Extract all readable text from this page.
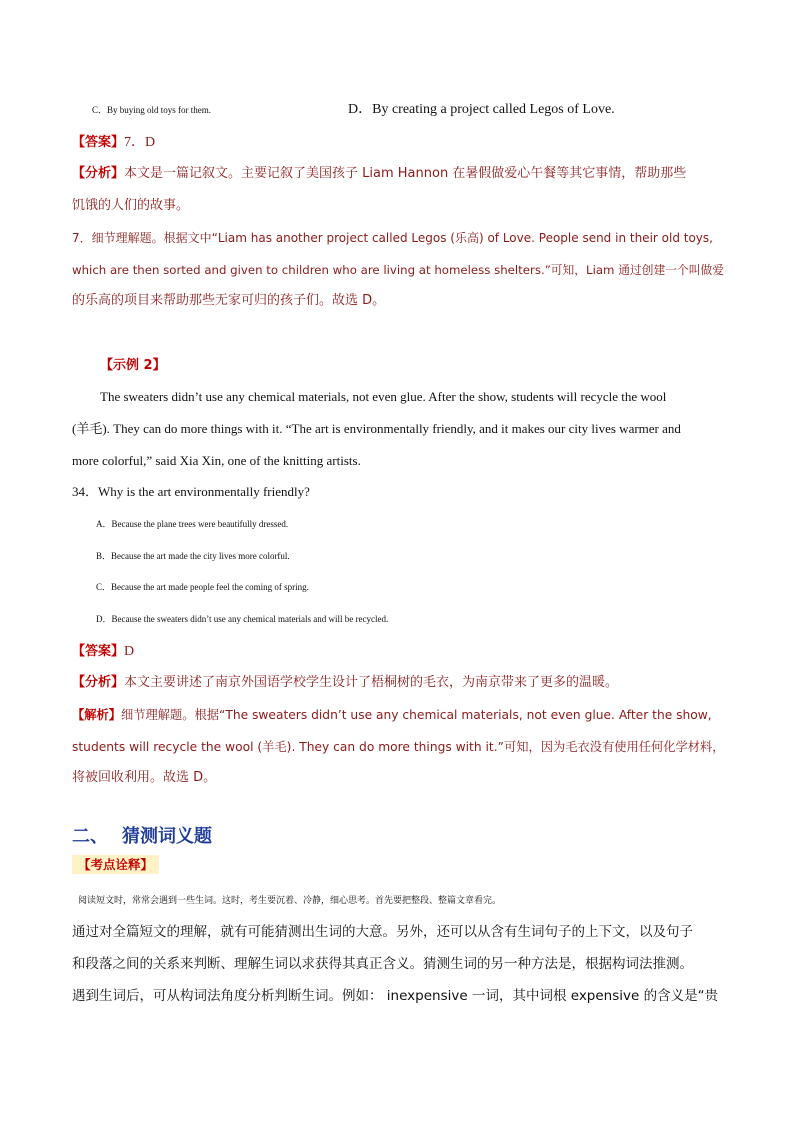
C．By buying old toys for them.	D．By creating a project called Legos of Love.
【答案】7．D
【分析】本文是一篇记叙文。主要记叙了美国孩子 Liam Hannon 在暑假做爱心午餐等其它事情，帮助那些
饥饿的人们的故事。
7．细节理解题。根据文中“Liam has another project called Legos (乐高) of Love. People send in their old toys,
which are then sorted and given to children who are living at homeless shelters.”可知，Liam 通过创建一个叫做爱
的乐高的项目来帮助那些无家可归的孩子们。故选 D。
【示例 2】
The sweaters didn’t use any chemical materials, not even glue. After the show, students will recycle the wool
(羊毛). They can do more things with it. “The art is environmentally friendly, and it makes our city lives warmer and
more colorful,” said Xia Xin, one of the knitting artists.
34．Why is the art environmentally friendly?
A．Because the plane trees were beautifully dressed.
B．Because the art made the city lives more colorful.
C．Because the art made people feel the coming of spring.
D．Because the sweaters didn’t use any chemical materials and will be recycled.
【答案】D
【分析】本文主要讲述了南京外国语学校学生设计了梧桐树的毛衣，为南京带来了更多的温暖。
【解析】细节理解题。根据“The sweaters didn’t use any chemical materials, not even glue. After the show,
students will recycle the wool (羊毛). They can do more things with it.”可知，因为毛衣没有使用任何化学材料，
将被回收利用。故选 D。
二、 猜测词义题
【考点诠释】
阅读短文时，常常会遇到一些生词。这时，考生要沉着、冷静，细心思考。首先要把整段、整篇文章看完。
通过对全篇短文的理解，就有可能猜测出生词的大意。另外，还可以从含有生词句子的上下文，以及句子
和段落之间的关系来判断、理解生词以求获得其真正含义。猜测生词的另一种方法是，根据构词法推测。
遇到生词后，可从构词法角度分析判断生词。例如： inexpensive 一词，其中词根 expensive 的含义是“贵
